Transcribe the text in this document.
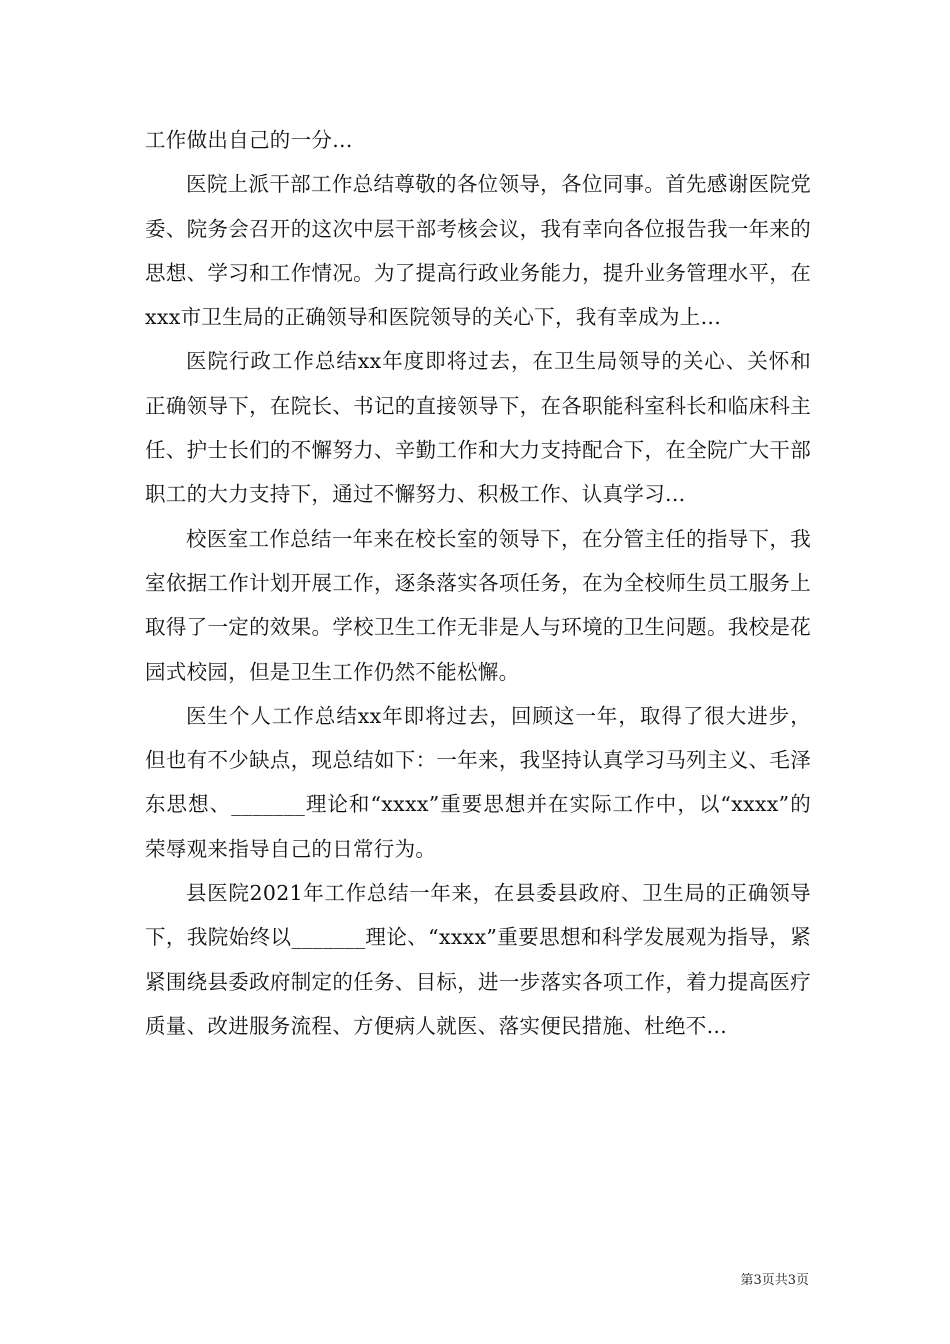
工作做出自己的一分...

医院上派干部工作总结尊敬的各位领导，各位同事。首先感谢医院党委、院务会召开的这次中层干部考核会议，我有幸向各位报告我一年来的思想、学习和工作情况。为了提高行政业务能力，提升业务管理水平，在xxx市卫生局的正确领导和医院领导的关心下，我有幸成为上...

医院行政工作总结xx年度即将过去，在卫生局领导的关心、关怀和正确领导下，在院长、书记的直接领导下，在各职能科室科长和临床科主任、护士长们的不懈努力、辛勤工作和大力支持配合下，在全院广大干部职工的大力支持下，通过不懈努力、积极工作、认真学习...

校医室工作总结一年来在校长室的领导下，在分管主任的指导下，我室依据工作计划开展工作，逐条落实各项任务，在为全校师生员工服务上取得了一定的效果。学校卫生工作无非是人与环境的卫生问题。我校是花园式校园，但是卫生工作仍然不能松懈。

医生个人工作总结xx年即将过去，回顾这一年，取得了很大进步，但也有不少缺点，现总结如下：一年来，我坚持认真学习马列主义、毛泽东思想、_______理论和“xxxx”重要思想并在实际工作中，以“xxxx”的荣辱观来指导自己的日常行为。

县医院2021年工作总结一年来，在县委县政府、卫生局的正确领导下，我院始终以_______理论、“xxxx”重要思想和科学发展观为指导，紧紧围绕县委政府制定的任务、目标，进一步落实各项工作，着力提高医疗质量、改进服务流程、方便病人就医、落实便民措施、杜绝不...

第3页共3页
